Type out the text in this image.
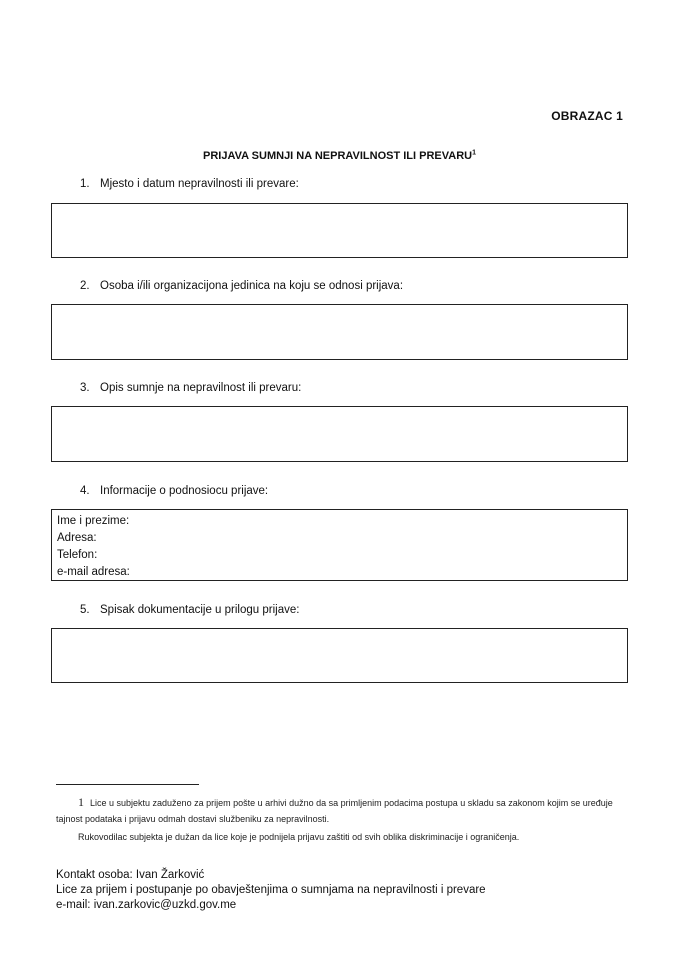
OBRAZAC 1
PRIJAVA SUMNJI NA NEPRAVILNOST ILI PREVARU$^1$
1. Mjesto i datum nepravilnosti ili prevare:
2. Osoba i/ili organizacijona jedinica na koju se odnosi prijava:
3. Opis sumnje na nepravilnost ili prevaru:
4. Informacije o podnosiocu prijave:
Ime i prezime:
Adresa:
Telefon:
e-mail adresa:
5. Spisak dokumentacije u prilogu prijave:
1 Lice u subjektu zaduženo za prijem pošte u arhivi dužno da sa primljenim podacima postupa u skladu sa zakonom kojim se uređuje tajnost podataka i prijavu odmah dostavi službeniku za nepravilnosti.
Rukovodilac subjekta je dužan da lice koje je podnijela prijavu zaštiti od svih oblika diskriminacije i ograničenja.
Kontakt osoba: Ivan Žarković
Lice za prijem i postupanje po obavještenjima o sumnjama na nepravilnosti i prevare
e-mail: ivan.zarkovic@uzkd.gov.me
